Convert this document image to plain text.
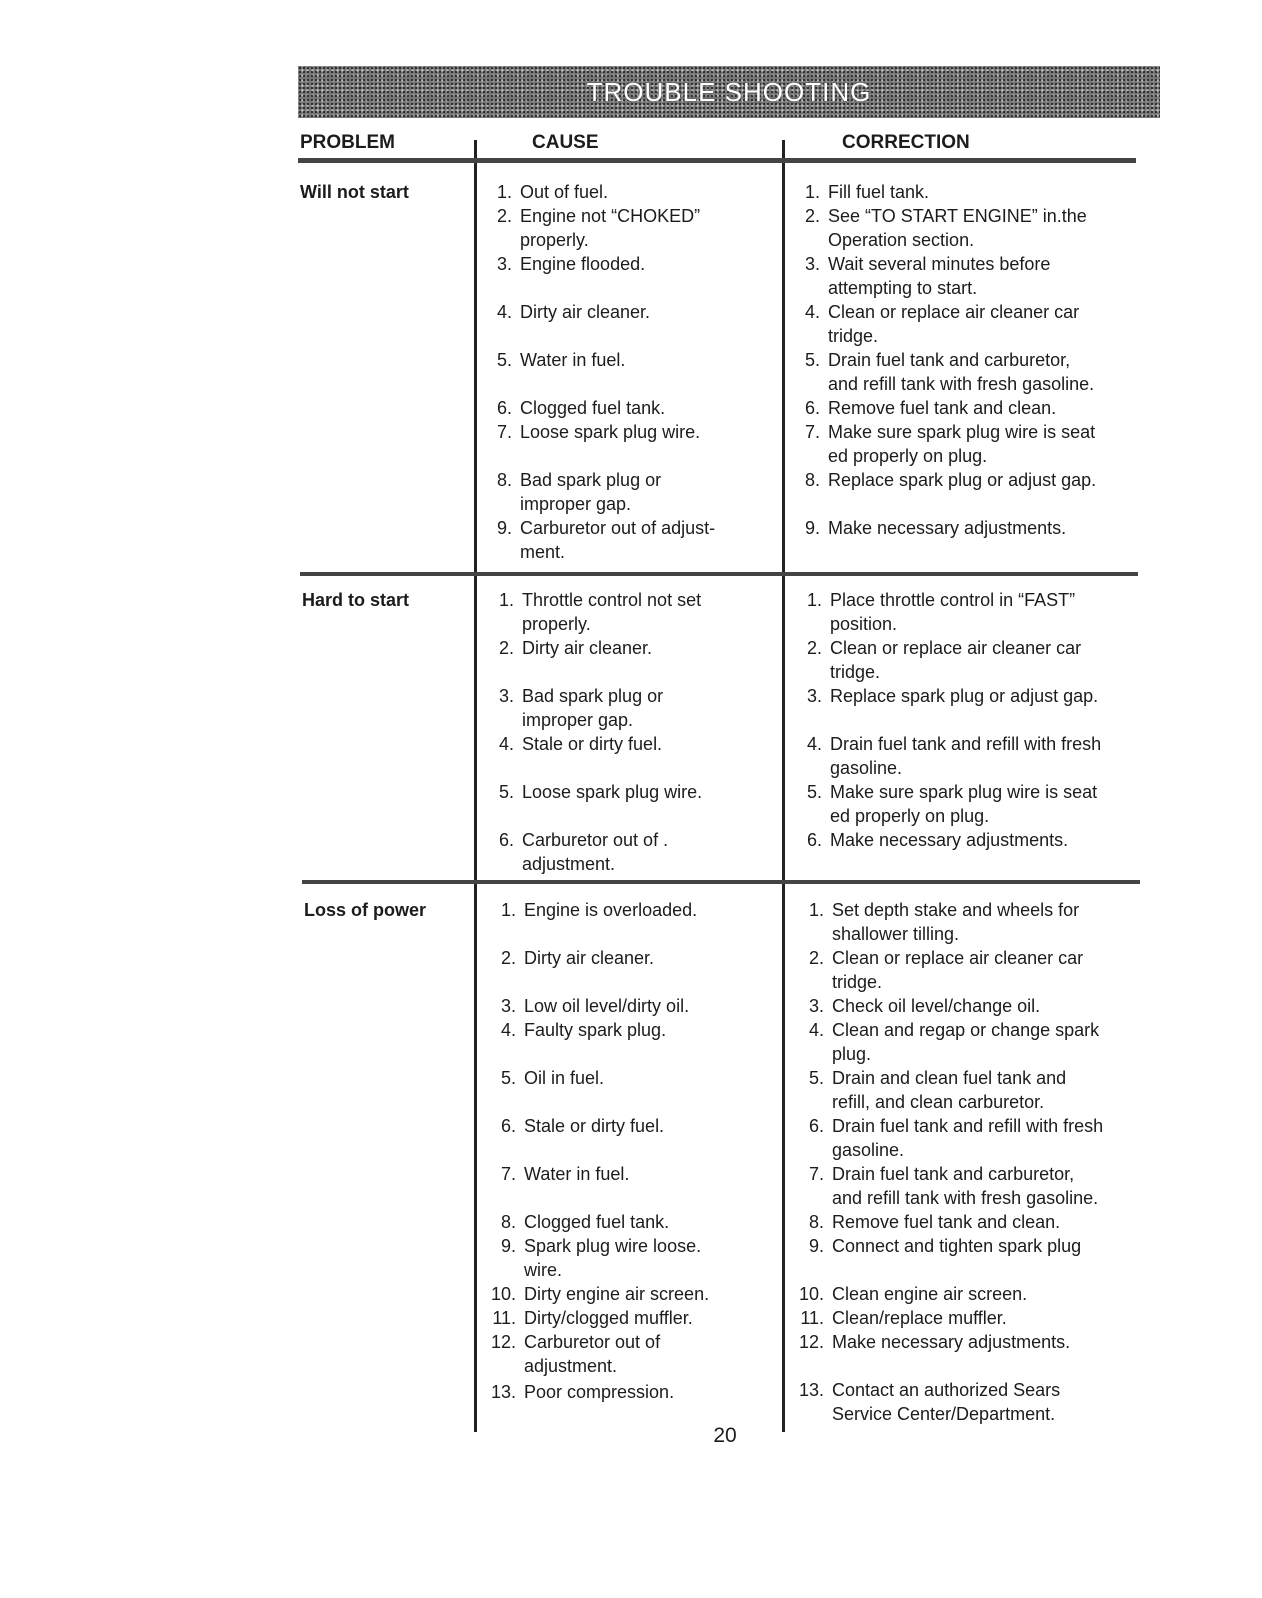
TROUBLE SHOOTING
PROBLEM	CAUSE	CORRECTION
Will not start
Hard to start
Loss of power
1. Out of fuel.
2. Engine not “CHOKED”
properly.
3. Engine flooded.
4. Dirty air cleaner.
5. Water in fuel.
6. Clogged fuel tank.
7. Loose spark plug wire.
8. Bad spark plug or
improper gap.
9. Carburetor out of adjust-
ment.
1. Fill fuel tank.
2. See “TO START ENGINE” in.the
Operation section.
3. Wait several minutes before
attempting to start.
4. Clean or replace air cleaner car
tridge.
5. Drain fuel tank and carburetor,
and refill tank with fresh gasoline.
6. Remove fuel tank and clean.
7. Make sure spark plug wire is seat
ed properly on plug.
8. Replace spark plug or adjust gap.
9. Make necessary adjustments.
1. Throttle control not set
properly.
2. Dirty air cleaner.
3. Bad spark plug or
improper gap.
4. Stale or dirty fuel.
5. Loose spark plug wire.
6. Carburetor out of .
adjustment.
1. Place throttle control in “FAST”
position.
2. Clean or replace air cleaner car
tridge.
3. Replace spark plug or adjust gap.
4. Drain fuel tank and refill with fresh
gasoline.
5. Make sure spark plug wire is seat
ed properly on plug.
6. Make necessary adjustments.
1. Engine is overloaded.
2. Dirty air cleaner.
3. Low oil level/dirty oil.
4. Faulty spark plug.
5. Oil in fuel.
6. Stale or dirty fuel.
7. Water in fuel.
8. Clogged fuel tank.
9. Spark plug wire loose.
wire.
10. Dirty engine air screen.
11. Dirty/clogged muffler.
12. Carburetor out of
adjustment.
13. Poor compression.
1. Set depth stake and wheels for
shallower tilling.
2. Clean or replace air cleaner car
tridge.
3. Check oil level/change oil.
4. Clean and regap or change spark
plug.
5. Drain and clean fuel tank and
refill, and clean carburetor.
6. Drain fuel tank and refill with fresh
gasoline.
7. Drain fuel tank and carburetor,
and refill tank with fresh gasoline.
8. Remove fuel tank and clean.
9. Connect and tighten spark plug
10. Clean engine air screen.
11. Clean/replace muffler.
12. Make necessary adjustments.
13. Contact an authorized Sears
Service Center/Department.
20
